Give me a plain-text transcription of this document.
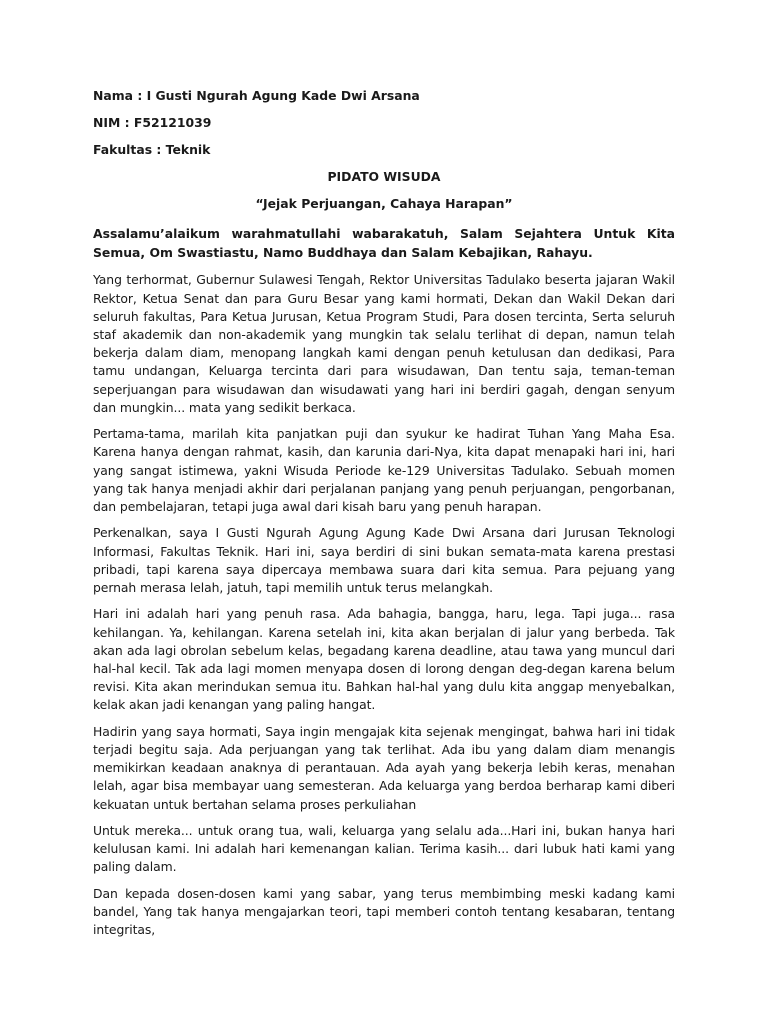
Nama : I Gusti Ngurah Agung Kade Dwi Arsana

NIM : F52121039

Fakultas : Teknik

PIDATO WISUDA

“Jejak Perjuangan, Cahaya Harapan”

Assalamu’alaikum warahmatullahi wabarakatuh, Salam Sejahtera Untuk Kita Semua, Om Swastiastu, Namo Buddhaya dan Salam Kebajikan, Rahayu.

Yang terhormat, Gubernur Sulawesi Tengah, Rektor Universitas Tadulako beserta jajaran Wakil Rektor, Ketua Senat dan para Guru Besar yang kami hormati, Dekan dan Wakil Dekan dari seluruh fakultas, Para Ketua Jurusan, Ketua Program Studi, Para dosen tercinta, Serta seluruh staf akademik dan non-akademik yang mungkin tak selalu terlihat di depan, namun telah bekerja dalam diam, menopang langkah kami dengan penuh ketulusan dan dedikasi, Para tamu undangan, Keluarga tercinta dari para wisudawan, Dan tentu saja, teman-teman seperjuangan para wisudawan dan wisudawati yang hari ini berdiri gagah, dengan senyum dan mungkin... mata yang sedikit berkaca.

Pertama-tama, marilah kita panjatkan puji dan syukur ke hadirat Tuhan Yang Maha Esa. Karena hanya dengan rahmat, kasih, dan karunia dari-Nya, kita dapat menapaki hari ini, hari yang sangat istimewa, yakni Wisuda Periode ke-129 Universitas Tadulako. Sebuah momen yang tak hanya menjadi akhir dari perjalanan panjang yang penuh perjuangan, pengorbanan, dan pembelajaran, tetapi juga awal dari kisah baru yang penuh harapan.

Perkenalkan, saya I Gusti Ngurah Agung Agung Kade Dwi Arsana dari Jurusan Teknologi Informasi, Fakultas Teknik. Hari ini, saya berdiri di sini bukan semata-mata karena prestasi pribadi, tapi karena saya dipercaya membawa suara dari kita semua. Para pejuang yang pernah merasa lelah, jatuh, tapi memilih untuk terus melangkah.

Hari ini adalah hari yang penuh rasa. Ada bahagia, bangga, haru, lega. Tapi juga... rasa kehilangan. Ya, kehilangan. Karena setelah ini, kita akan berjalan di jalur yang berbeda. Tak akan ada lagi obrolan sebelum kelas, begadang karena deadline, atau tawa yang muncul dari hal-hal kecil. Tak ada lagi momen menyapa dosen di lorong dengan deg-degan karena belum revisi. Kita akan merindukan semua itu. Bahkan hal-hal yang dulu kita anggap menyebalkan, kelak akan jadi kenangan yang paling hangat.

Hadirin yang saya hormati, Saya ingin mengajak kita sejenak mengingat, bahwa hari ini tidak terjadi begitu saja. Ada perjuangan yang tak terlihat. Ada ibu yang dalam diam menangis memikirkan keadaan anaknya di perantauan. Ada ayah yang bekerja lebih keras, menahan lelah, agar bisa membayar uang semesteran. Ada keluarga yang berdoa berharap kami diberi kekuatan untuk bertahan selama proses perkuliahan

Untuk mereka... untuk orang tua, wali, keluarga yang selalu ada...Hari ini, bukan hanya hari kelulusan kami. Ini adalah hari kemenangan kalian. Terima kasih... dari lubuk hati kami yang paling dalam.

Dan kepada dosen-dosen kami yang sabar, yang terus membimbing meski kadang kami bandel, Yang tak hanya mengajarkan teori, tapi memberi contoh tentang kesabaran, tentang integritas,
